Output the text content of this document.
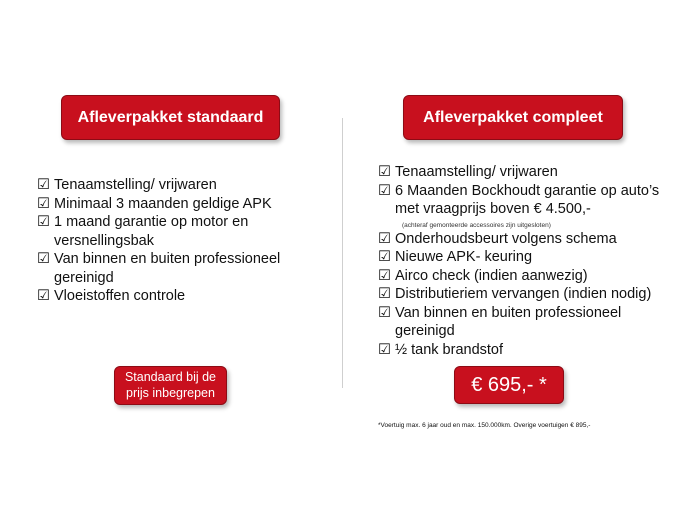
Afleverpakket standaard	Afleverpakket compleet
☑ Tenaamstelling/ vrijwaren
☑ Minimaal 3 maanden geldige APK
☑ 1 maand garantie op motor en versnellingsbak
☑ Van binnen en buiten professioneel gereinigd
☑ Vloeistoffen controle
☑ Tenaamstelling/ vrijwaren
☑ 6 Maanden Bockhoudt garantie op auto’s met vraagprijs boven € 4.500,-
☑ Onderhoudsbeurt volgens schema
☑ Nieuwe APK- keuring
☑ Airco check (indien aanwezig)
☑ Distributieriem vervangen (indien nodig)
☑ Van binnen en buiten professioneel gereinigd
☑ ½ tank brandstof
(achteraf gemonteerde accessoires zijn uitgesloten)
Standaard bij de prijs inbegrepen	€ 695,- *
*Voertuig max. 6 jaar oud en max. 150.000km. Overige voertuigen € 895,-
